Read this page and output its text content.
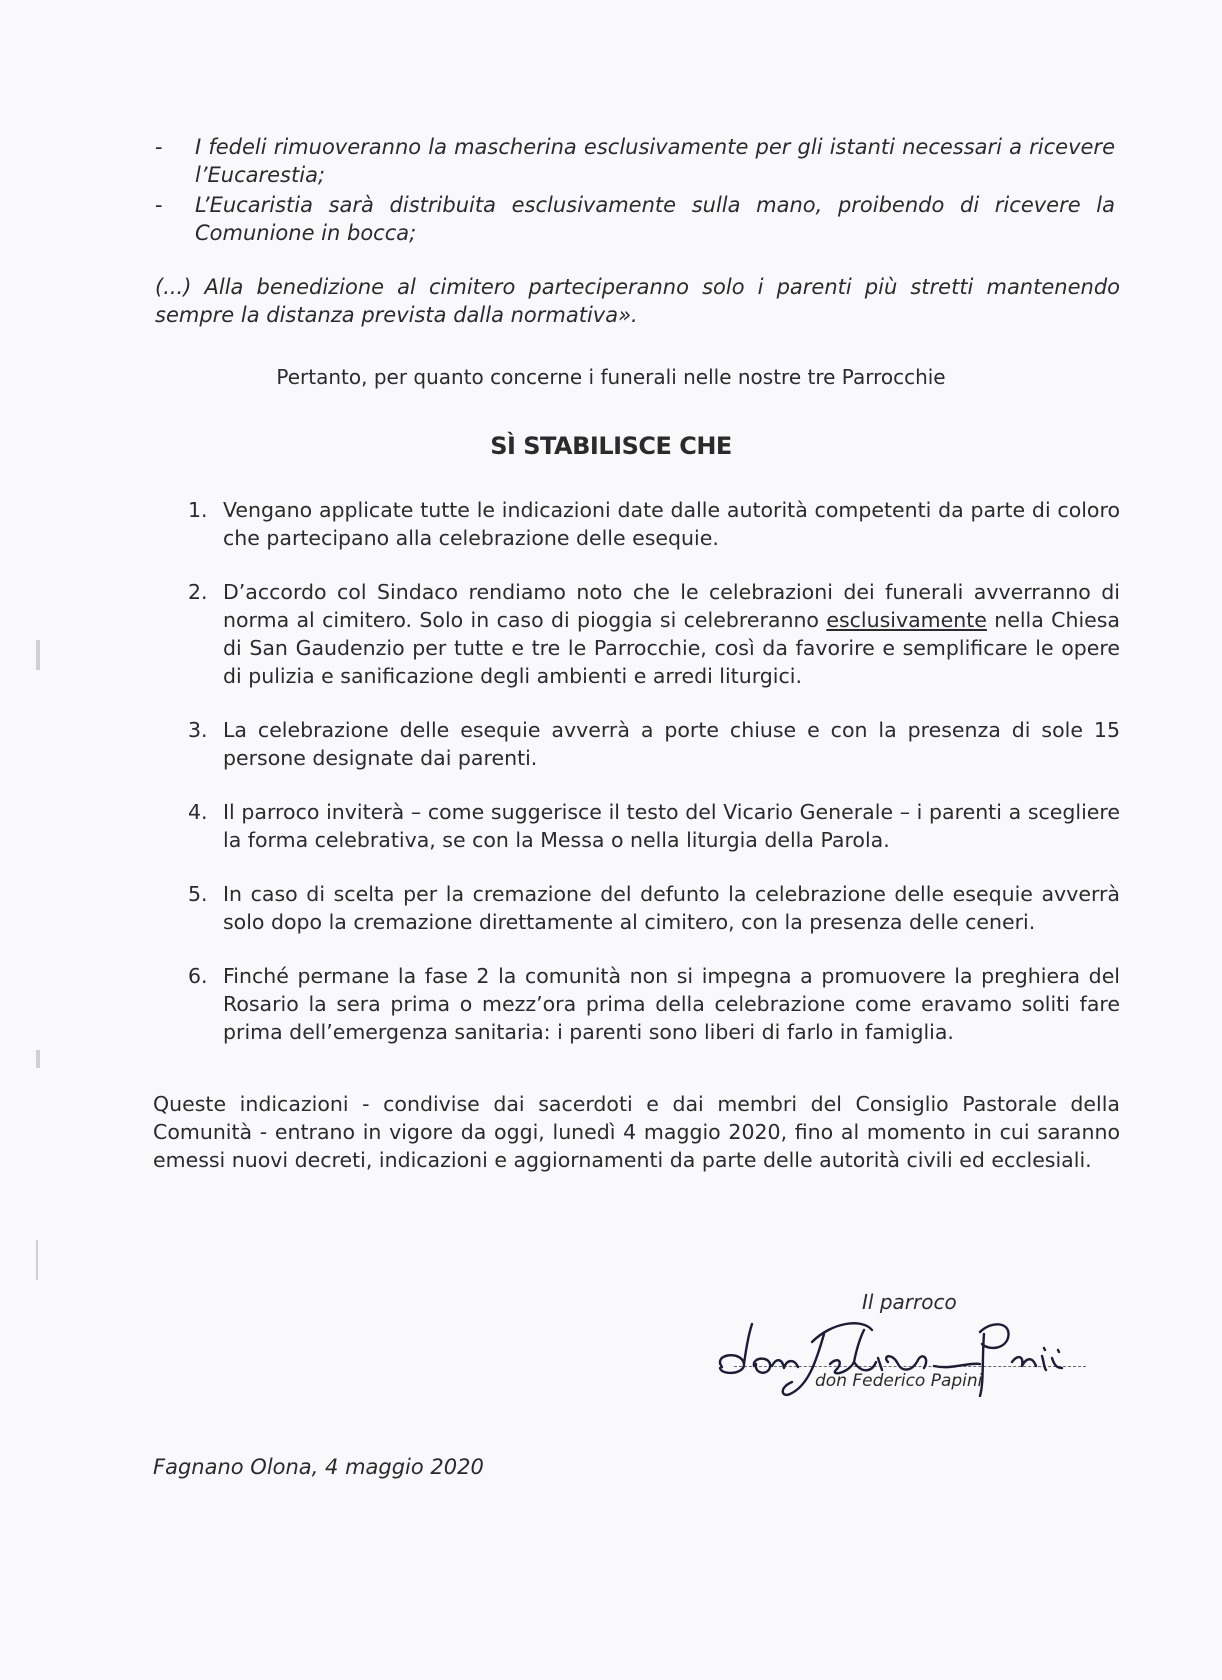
- I fedeli rimuoveranno la mascherina esclusivamente per gli istanti necessari a ricevere l’Eucarestia;
- L’Eucaristia sarà distribuita esclusivamente sulla mano, proibendo di ricevere la Comunione in bocca;
(...) Alla benedizione al cimitero parteciperanno solo i parenti più stretti mantenendo sempre la distanza prevista dalla normativa».
Pertanto, per quanto concerne i funerali nelle nostre tre Parrocchie
SÌ STABILISCE CHE
1. Vengano applicate tutte le indicazioni date dalle autorità competenti da parte di coloro che partecipano alla celebrazione delle esequie.
2. D’accordo col Sindaco rendiamo noto che le celebrazioni dei funerali avverranno di norma al cimitero. Solo in caso di pioggia si celebreranno esclusivamente nella Chiesa di San Gaudenzio per tutte e tre le Parrocchie, così da favorire e semplificare le opere di pulizia e sanificazione degli ambienti e arredi liturgici.
3. La celebrazione delle esequie avverrà a porte chiuse e con la presenza di sole 15 persone designate dai parenti.
4. Il parroco inviterà – come suggerisce il testo del Vicario Generale – i parenti a scegliere la forma celebrativa, se con la Messa o nella liturgia della Parola.
5. In caso di scelta per la cremazione del defunto la celebrazione delle esequie avverrà solo dopo la cremazione direttamente al cimitero, con la presenza delle ceneri.
6. Finché permane la fase 2 la comunità non si impegna a promuovere la preghiera del Rosario la sera prima o mezz’ora prima della celebrazione come eravamo soliti fare prima dell’emergenza sanitaria: i parenti sono liberi di farlo in famiglia.
Queste indicazioni - condivise dai sacerdoti e dai membri del Consiglio Pastorale della Comunità - entrano in vigore da oggi, lunedì 4 maggio 2020, fino al momento in cui saranno emessi nuovi decreti, indicazioni e aggiornamenti da parte delle autorità civili ed ecclesiali.
Il parroco
don Federico Papini
Fagnano Olona, 4 maggio 2020
